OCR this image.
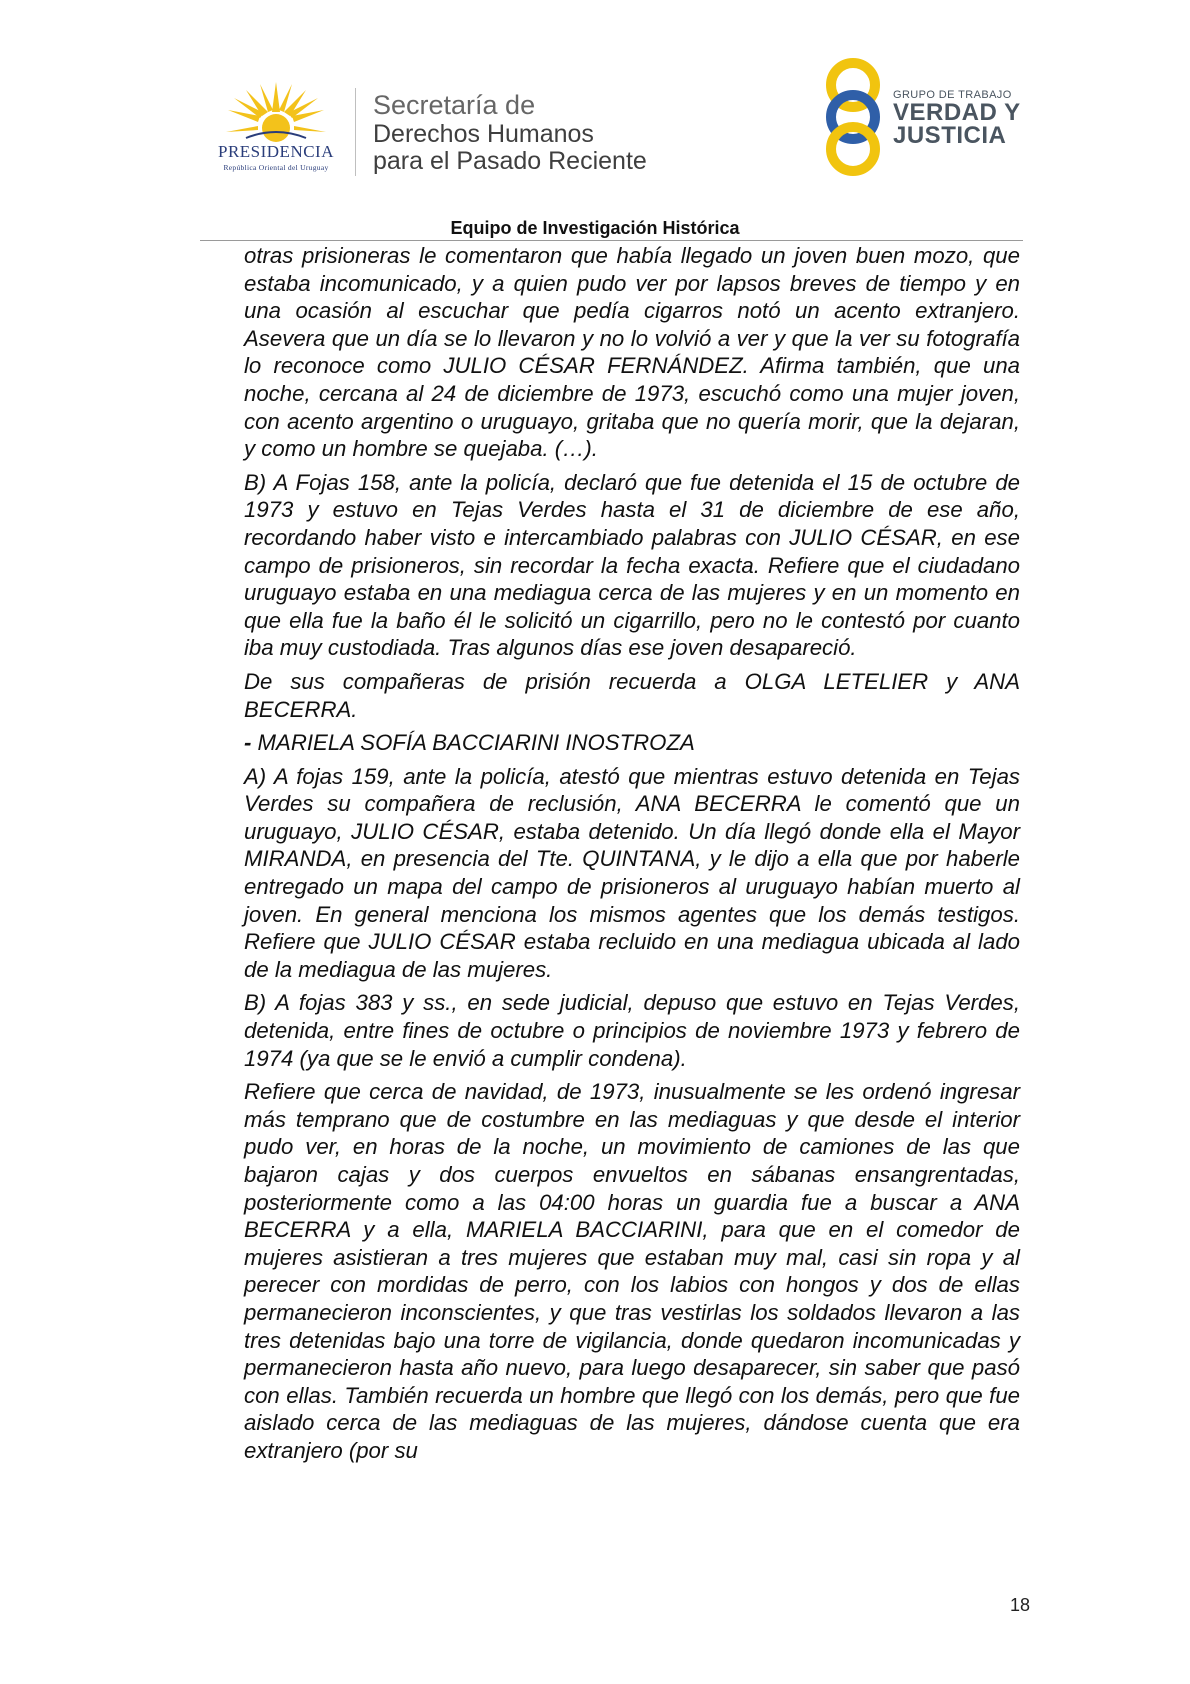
PRESIDENCIA
República Oriental del Uruguay
Secretaría de
Derechos Humanos
para el Pasado Reciente
GRUPO DE TRABAJO
VERDAD Y
JUSTICIA
Equipo de Investigación Histórica

otras prisioneras le comentaron que había llegado un joven buen mozo, que estaba incomunicado, y a quien pudo ver por lapsos breves de tiempo y en una ocasión al escuchar que pedía cigarros notó un acento extranjero. Asevera que un día se lo llevaron y no lo volvió a ver y que la ver su fotografía lo reconoce como JULIO CÉSAR FERNÁNDEZ. Afirma también, que una noche, cercana al 24 de diciembre de 1973, escuchó como una mujer joven, con acento argentino o uruguayo, gritaba que no quería morir, que la dejaran, y como un hombre se quejaba. (…).

B) A Fojas 158, ante la policía, declaró que fue detenida el 15 de octubre de 1973 y estuvo en Tejas Verdes hasta el 31 de diciembre de ese año, recordando haber visto e intercambiado palabras con JULIO CÉSAR, en ese campo de prisioneros, sin recordar la fecha exacta. Refiere que el ciudadano uruguayo estaba en una mediagua cerca de las mujeres y en un momento en que ella fue la baño él le solicitó un cigarrillo, pero no le contestó por cuanto iba muy custodiada. Tras algunos días ese joven desapareció.

De sus compañeras de prisión recuerda a OLGA LETELIER y ANA BECERRA.

- MARIELA SOFÍA BACCIARINI INOSTROZA

A) A fojas 159, ante la policía, atestó que mientras estuvo detenida en Tejas Verdes su compañera de reclusión, ANA BECERRA le comentó que un uruguayo, JULIO CÉSAR, estaba detenido. Un día llegó donde ella el Mayor MIRANDA, en presencia del Tte. QUINTANA, y le dijo a ella que por haberle entregado un mapa del campo de prisioneros al uruguayo habían muerto al joven. En general menciona los mismos agentes que los demás testigos. Refiere que JULIO CÉSAR estaba recluido en una mediagua ubicada al lado de la mediagua de las mujeres.

B) A fojas 383 y ss., en sede judicial, depuso que estuvo en Tejas Verdes, detenida, entre fines de octubre o principios de noviembre 1973 y febrero de 1974 (ya que se le envió a cumplir condena).

Refiere que cerca de navidad, de 1973, inusualmente se les ordenó ingresar más temprano que de costumbre en las mediaguas y que desde el interior pudo ver, en horas de la noche, un movimiento de camiones de las que bajaron cajas y dos cuerpos envueltos en sábanas ensangrentadas, posteriormente como a las 04:00 horas un guardia fue a buscar a ANA BECERRA y a ella, MARIELA BACCIARINI, para que en el comedor de mujeres asistieran a tres mujeres que estaban muy mal, casi sin ropa y al perecer con mordidas de perro, con los labios con hongos y dos de ellas permanecieron inconscientes, y que tras vestirlas los soldados llevaron a las tres detenidas bajo una torre de vigilancia, donde quedaron incomunicadas y permanecieron hasta año nuevo, para luego desaparecer, sin saber que pasó con ellas. También recuerda un hombre que llegó con los demás, pero que fue aislado cerca de las mediaguas de las mujeres, dándose cuenta que era extranjero (por su

18
